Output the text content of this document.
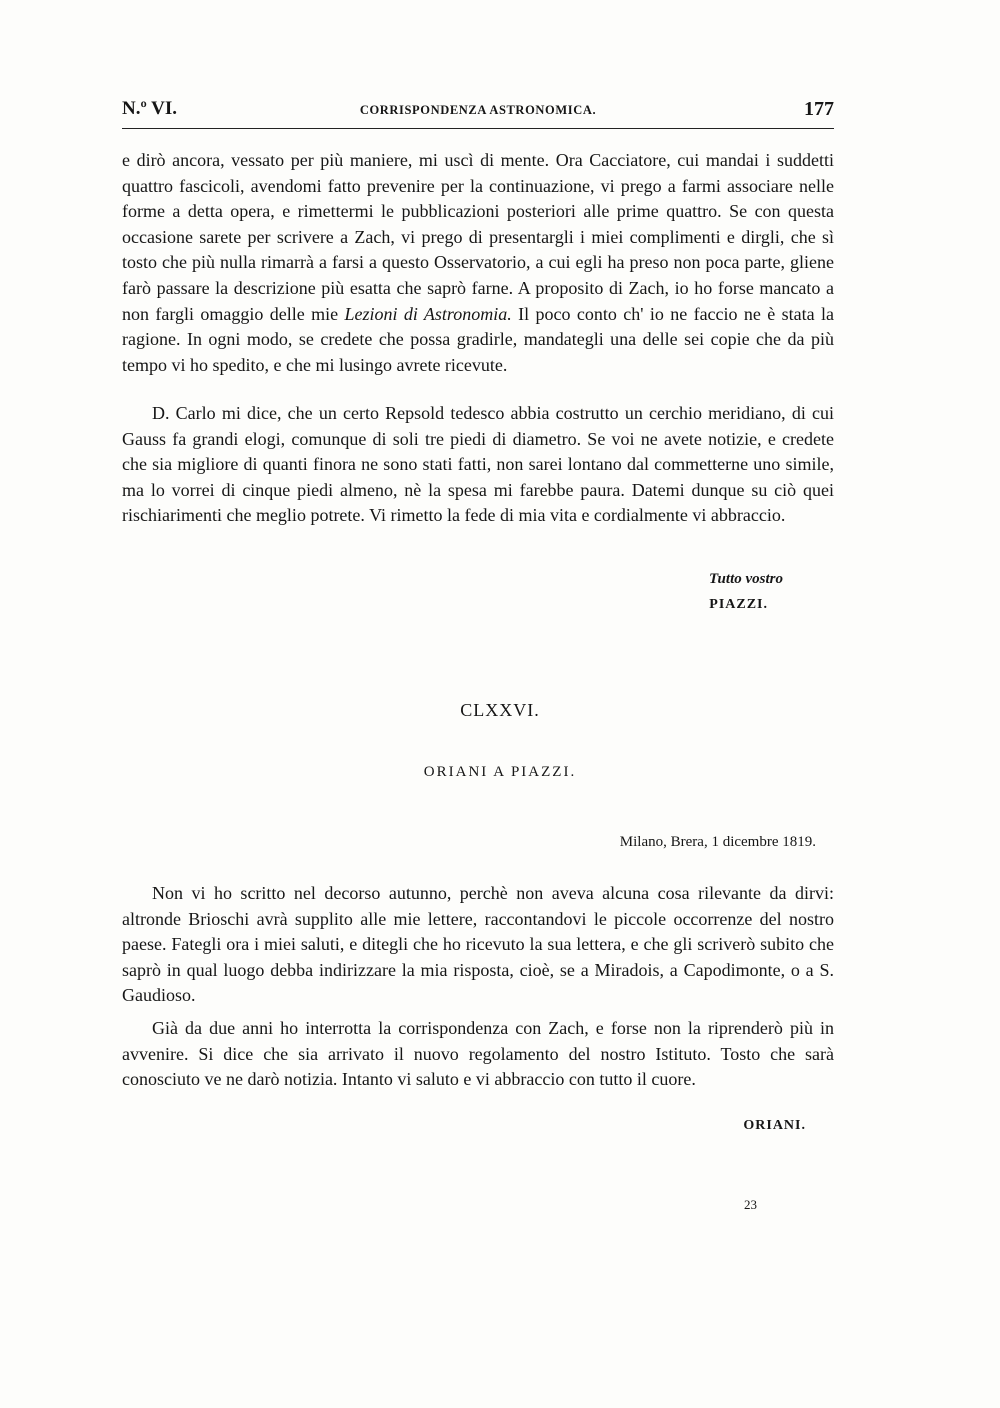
N.º VI.	CORRISPONDENZA ASTRONOMICA.	177

e dirò ancora, vessato per più maniere, mi uscì di mente. Ora Cacciatore, cui mandai i suddetti quattro fascicoli, avendomi fatto prevenire per la continuazione, vi prego a farmi associare nelle forme a detta opera, e rimettermi le pubblicazioni posteriori alle prime quattro. Se con questa occasione sarete per scrivere a Zach, vi prego di presentargli i miei complimenti e dirgli, che sì tosto che più nulla rimarrà a farsi a questo Osservatorio, a cui egli ha preso non poca parte, gliene farò passare la descrizione più esatta che saprò farne. A proposito di Zach, io ho forse mancato a non fargli omaggio delle mie Lezioni di Astronomia. Il poco conto ch' io ne faccio ne è stata la ragione. In ogni modo, se credete che possa gradirle, mandategli una delle sei copie che da più tempo vi ho spedito, e che mi lusingo avrete ricevute.

D. Carlo mi dice, che un certo Repsold tedesco abbia costrutto un cerchio meridiano, di cui Gauss fa grandi elogi, comunque di soli tre piedi di diametro. Se voi ne avete notizie, e credete che sia migliore di quanti finora ne sono stati fatti, non sarei lontano dal commetterne uno simile, ma lo vorrei di cinque piedi almeno, nè la spesa mi farebbe paura. Datemi dunque su ciò quei rischiarimenti che meglio potrete. Vi rimetto la fede di mia vita e cordialmente vi abbraccio.

Tutto vostro
PIAZZI.
CLXXVI.
ORIANI A PIAZZI.
Milano, Brera, 1 dicembre 1819.

Non vi ho scritto nel decorso autunno, perchè non aveva alcuna cosa rilevante da dirvi: altronde Brioschi avrà supplito alle mie lettere, raccontandovi le piccole occorrenze del nostro paese. Fategli ora i miei saluti, e ditegli che ho ricevuto la sua lettera, e che gli scriverò subito che saprò in qual luogo debba indirizzare la mia risposta, cioè, se a Miradois, a Capodimonte, o a S. Gaudioso.

Già da due anni ho interrotta la corrispondenza con Zach, e forse non la riprenderò più in avvenire. Si dice che sia arrivato il nuovo regolamento del nostro Istituto. Tosto che sarà conosciuto ve ne darò notizia. Intanto vi saluto e vi abbraccio con tutto il cuore.

ORIANI.
23
